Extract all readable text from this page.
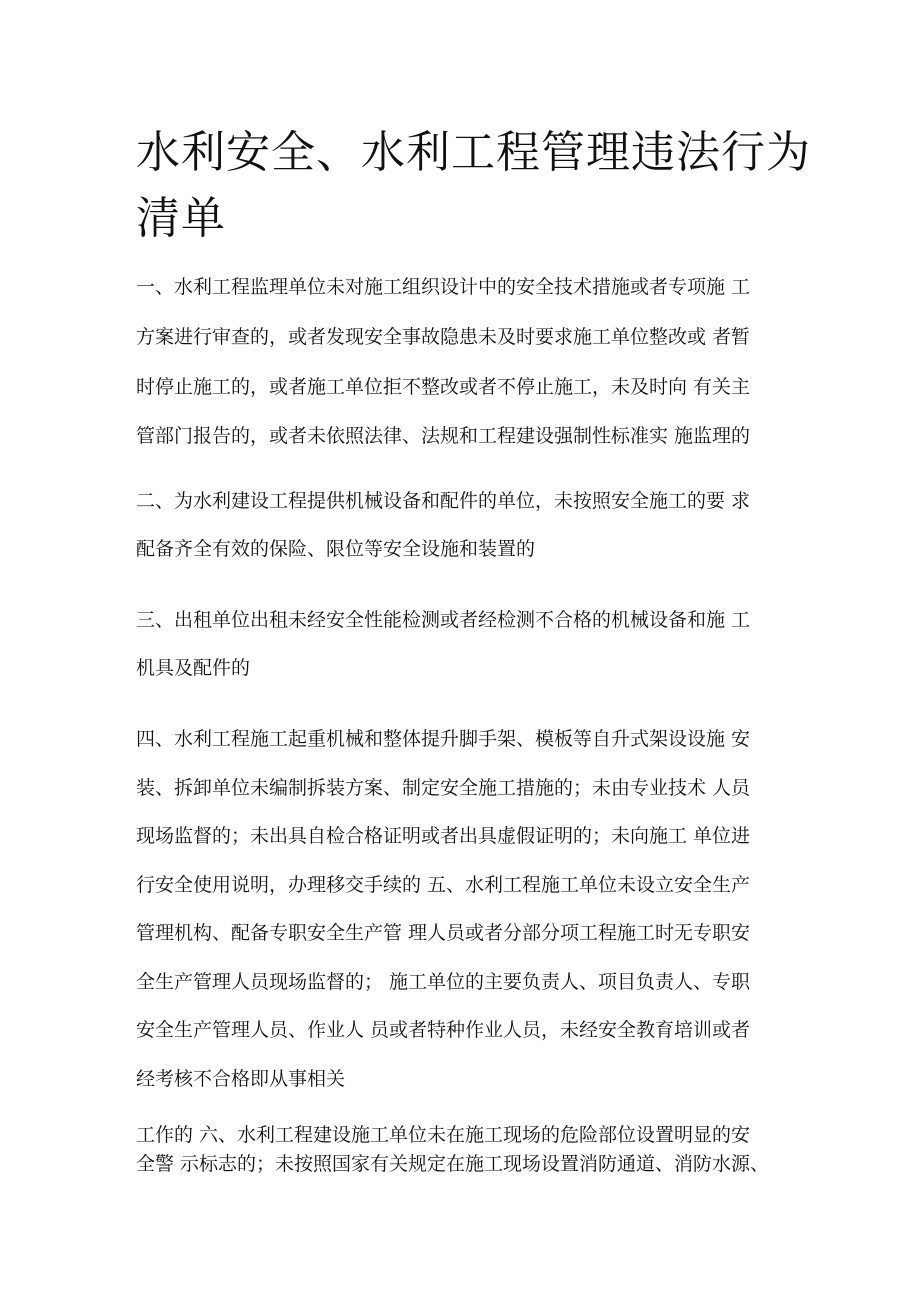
水利安全、水利工程管理违法行为
清单

一、水利工程监理单位未对施工组织设计中的安全技术措施或者专项施 工

方案进行审查的，或者发现安全事故隐患未及时要求施工单位整改或 者暂

时停止施工的，或者施工单位拒不整改或者不停止施工，未及时向 有关主

管部门报告的，或者未依照法律、法规和工程建设强制性标准实 施监理的

二、为水利建设工程提供机械设备和配件的单位，未按照安全施工的要 求

配备齐全有效的保险、限位等安全设施和装置的

三、出租单位出租未经安全性能检测或者经检测不合格的机械设备和施 工

机具及配件的

四、水利工程施工起重机械和整体提升脚手架、模板等自升式架设设施 安

装、拆卸单位未编制拆装方案、制定安全施工措施的；未由专业技术 人员

现场监督的；未出具自检合格证明或者出具虚假证明的；未向施工 单位进

行安全使用说明，办理移交手续的 五、水利工程施工单位未设立安全生产

管理机构、配备专职安全生产管 理人员或者分部分项工程施工时无专职安

全生产管理人员现场监督的； 施工单位的主要负责人、项目负责人、专职

安全生产管理人员、作业人 员或者特种作业人员，未经安全教育培训或者

经考核不合格即从事相关

工作的 六、水利工程建设施工单位未在施工现场的危险部位设置明显的安

全警 示标志的；未按照国家有关规定在施工现场设置消防通道、消防水源、
